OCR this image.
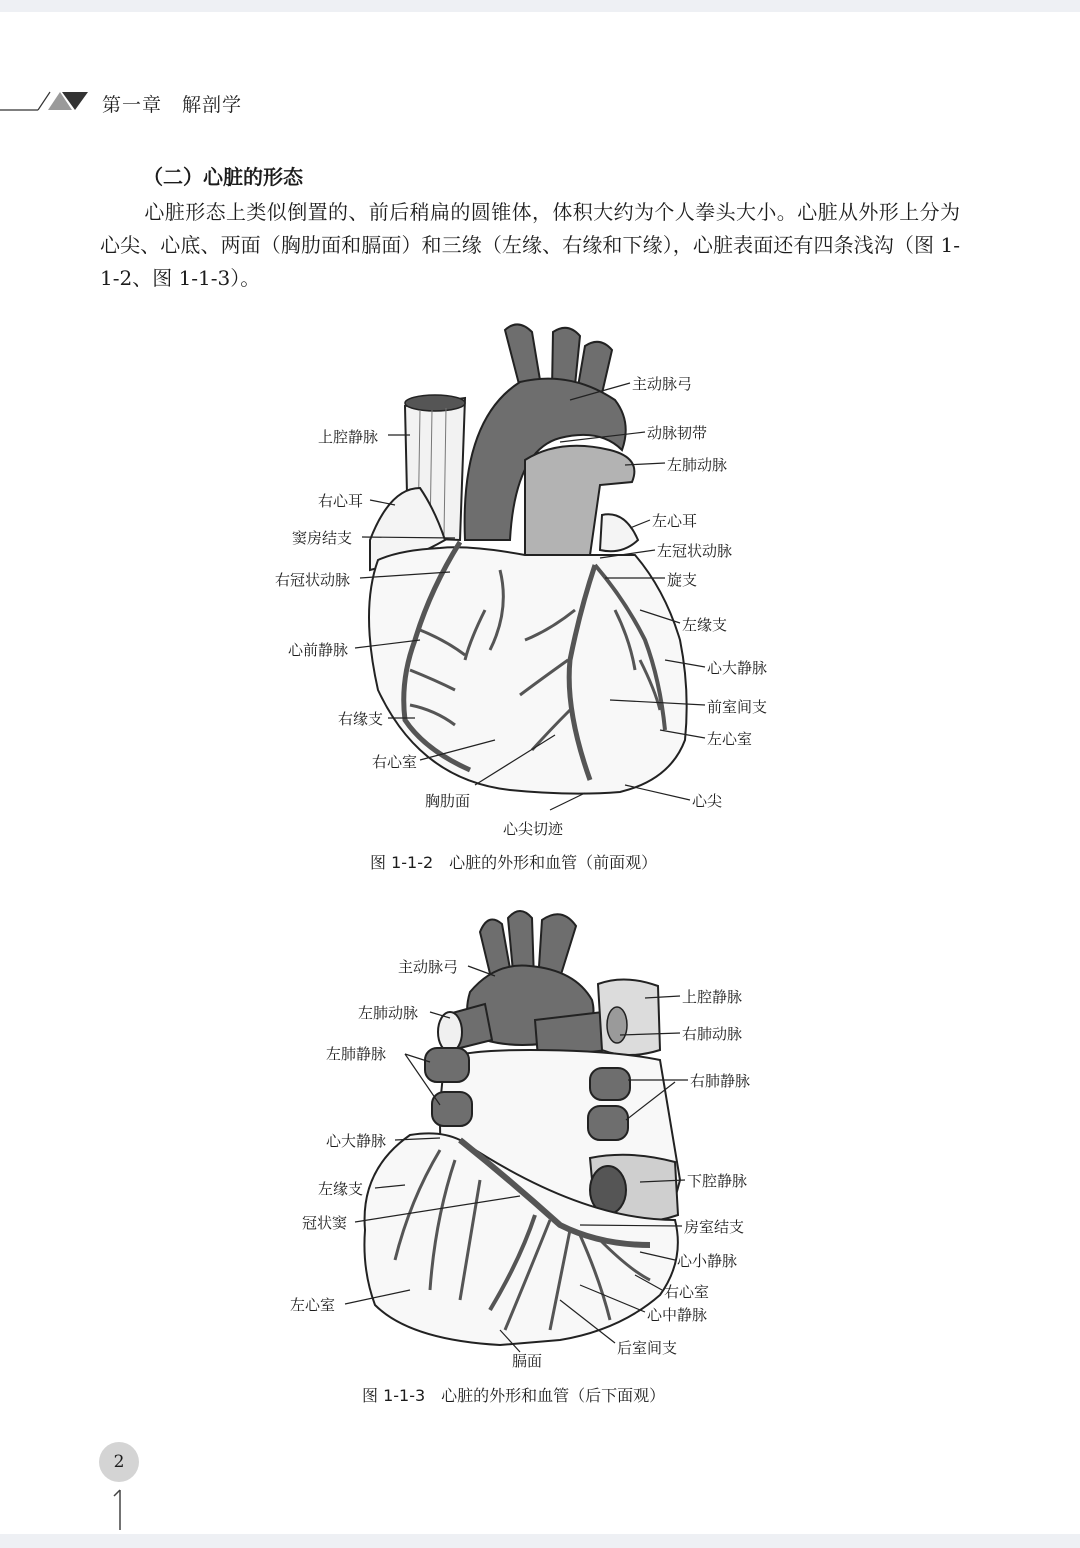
第一章　解剖学
（二）心脏的形态
心脏形态上类似倒置的、前后稍扁的圆锥体，体积大约为个人拳头大小。心脏从外形上分为心尖、心底、两面（胸肋面和膈面）和三缘（左缘、右缘和下缘），心脏表面还有四条浅沟（图 1-1-2、图 1-1-3）。
主动脉弓
动脉韧带
左肺动脉
左心耳
左冠状动脉
旋支
左缘支
心大静脉
前室间支
左心室
心尖
上腔静脉
右心耳
窦房结支
右冠状动脉
心前静脉
右缘支
右心室
胸肋面
心尖切迹
图 1-1-2　心脏的外形和血管（前面观）
主动脉弓
左肺动脉
左肺静脉
心大静脉
左缘支
冠状窦
左心室
上腔静脉
右肺动脉
右肺静脉
下腔静脉
房室结支
心小静脉
右心室
心中静脉
后室间支
膈面
图 1-1-3　心脏的外形和血管（后下面观）
2
